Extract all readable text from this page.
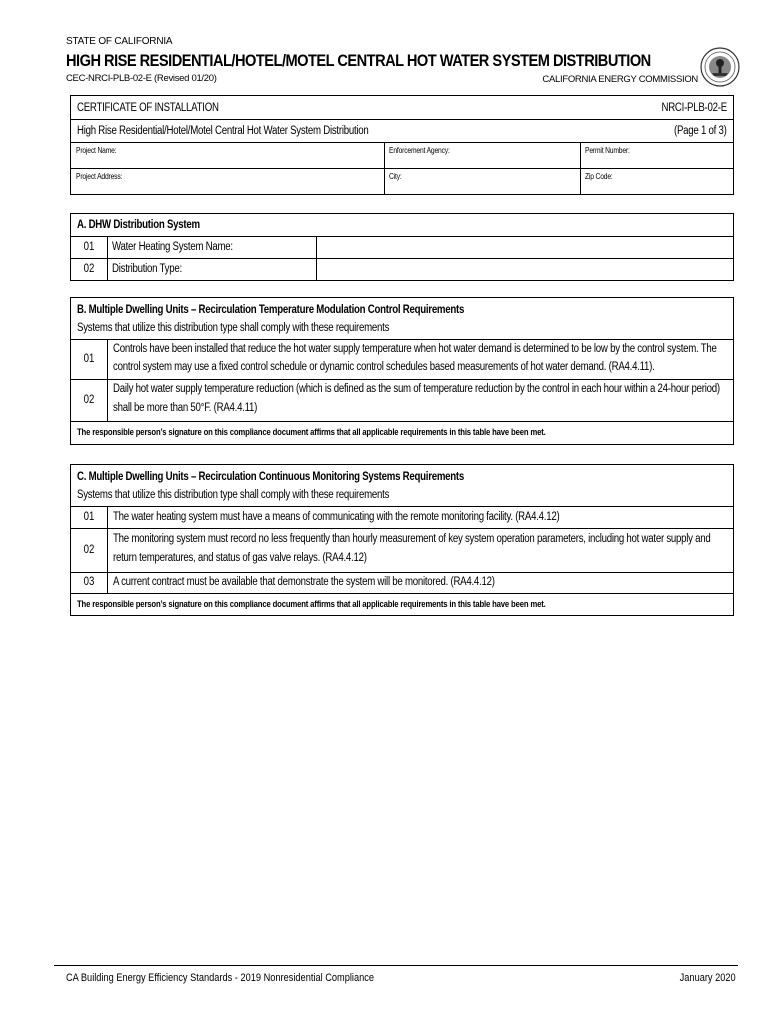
STATE OF CALIFORNIA
HIGH RISE RESIDENTIAL/HOTEL/MOTEL CENTRAL HOT WATER SYSTEM DISTRIBUTION
CEC-NRCI-PLB-02-E (Revised 01/20)	CALIFORNIA ENERGY COMMISSION
CERTIFICATE OF INSTALLATION	NRCI-PLB-02-E
High Rise Residential/Hotel/Motel Central Hot Water System Distribution	(Page 1 of 3)
Project Name:	Enforcement Agency:	Permit Number:
Project Address:	City:	Zip Code:
A. DHW Distribution System
01	Water Heating System Name:
02	Distribution Type:
B. Multiple Dwelling Units – Recirculation Temperature Modulation Control Requirements
Systems that utilize this distribution type shall comply with these requirements
01
Controls have been installed that reduce the hot water supply temperature when hot water demand is determined to be low by the control system. The
control system may use a fixed control schedule or dynamic control schedules based measurements of hot water demand. (RA4.4.11).
02
Daily hot water supply temperature reduction (which is defined as the sum of temperature reduction by the control in each hour within a 24-hour period)
shall be more than 50°F. (RA4.4.11)
The responsible person’s signature on this compliance document affirms that all applicable requirements in this table have been met.
C. Multiple Dwelling Units – Recirculation Continuous Monitoring Systems Requirements
Systems that utilize this distribution type shall comply with these requirements
01	The water heating system must have a means of communicating with the remote monitoring facility. (RA4.4.12)
02
The monitoring system must record no less frequently than hourly measurement of key system operation parameters, including hot water supply and
return temperatures, and status of gas valve relays. (RA4.4.12)
03	A current contract must be available that demonstrate the system will be monitored. (RA4.4.12)
The responsible person’s signature on this compliance document affirms that all applicable requirements in this table have been met.
CA Building Energy Efficiency Standards - 2019 Nonresidential Compliance	January 2020
